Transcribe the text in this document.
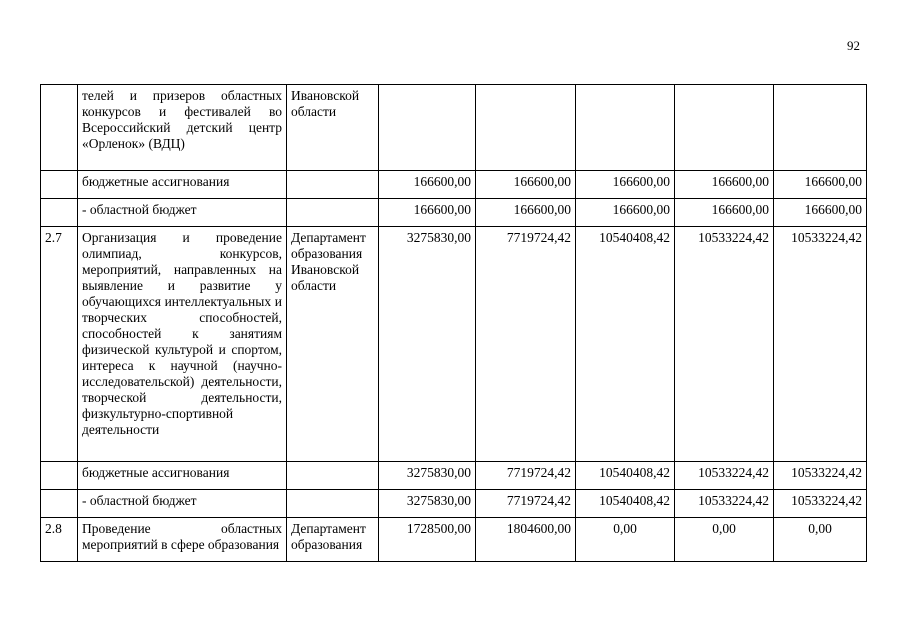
92
	телей и призеров областных конкурсов и фестивалей во Всероссийский детский центр «Орленок» (ВДЦ)	Ивановской области					
	бюджетные ассигнования		166600,00	166600,00	166600,00	166600,00	166600,00
	- областной бюджет		166600,00	166600,00	166600,00	166600,00	166600,00
2.7	Организация и проведение олимпиад, конкурсов, мероприятий, направленных на выявление и развитие у обучающихся интеллектуальных и творческих способностей, способностей к занятиям физической культурой и спортом, интереса к научной (научно-исследовательской) деятельности, творческой деятельности, физкультурно-спортивной деятельности	Департамент образования Ивановской области	3275830,00	7719724,42	10540408,42	10533224,42	10533224,42
	бюджетные ассигнования		3275830,00	7719724,42	10540408,42	10533224,42	10533224,42
	- областной бюджет		3275830,00	7719724,42	10540408,42	10533224,42	10533224,42
2.8	Проведение областных мероприятий в сфере образования	Департамент образования	1728500,00	1804600,00	0,00	0,00	0,00
